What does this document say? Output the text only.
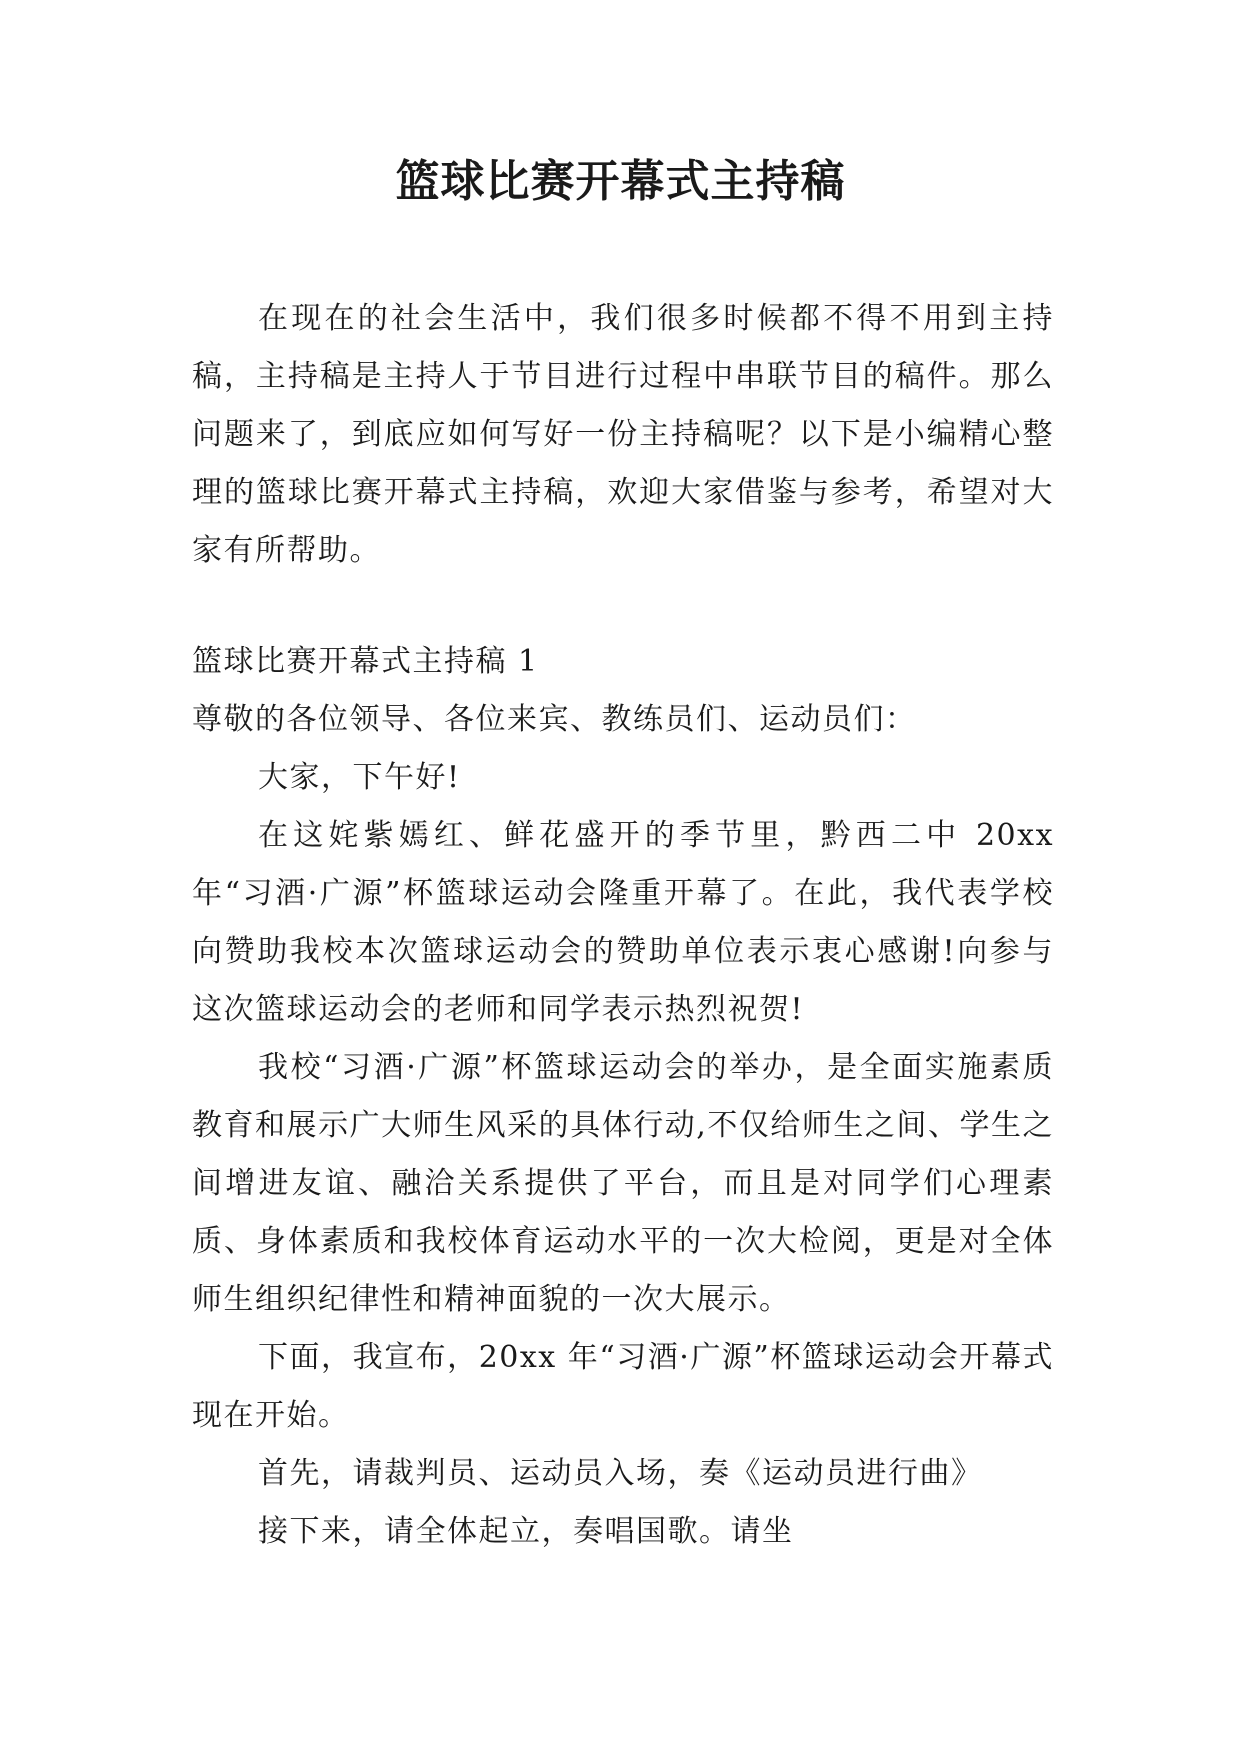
篮球比赛开幕式主持稿

在现在的社会生活中，我们很多时候都不得不用到主持稿，主持稿是主持人于节目进行过程中串联节目的稿件。那么问题来了，到底应如何写好一份主持稿呢？以下是小编精心整理的篮球比赛开幕式主持稿，欢迎大家借鉴与参考，希望对大家有所帮助。

篮球比赛开幕式主持稿 1

尊敬的各位领导、各位来宾、教练员们、运动员们：

大家，下午好!

在这姹紫嫣红、鲜花盛开的季节里，黔西二中 20xx 年“习酒·广源”杯篮球运动会隆重开幕了。在此，我代表学校向赞助我校本次篮球运动会的赞助单位表示衷心感谢!向参与这次篮球运动会的老师和同学表示热烈祝贺!

我校“习酒·广源”杯篮球运动会的举办，是全面实施素质教育和展示广大师生风采的具体行动,不仅给师生之间、学生之间增进友谊、融洽关系提供了平台，而且是对同学们心理素质、身体素质和我校体育运动水平的一次大检阅，更是对全体师生组织纪律性和精神面貌的一次大展示。

下面，我宣布，20xx 年“习酒·广源”杯篮球运动会开幕式现在开始。

首先，请裁判员、运动员入场，奏《运动员进行曲》

接下来，请全体起立，奏唱国歌。请坐
